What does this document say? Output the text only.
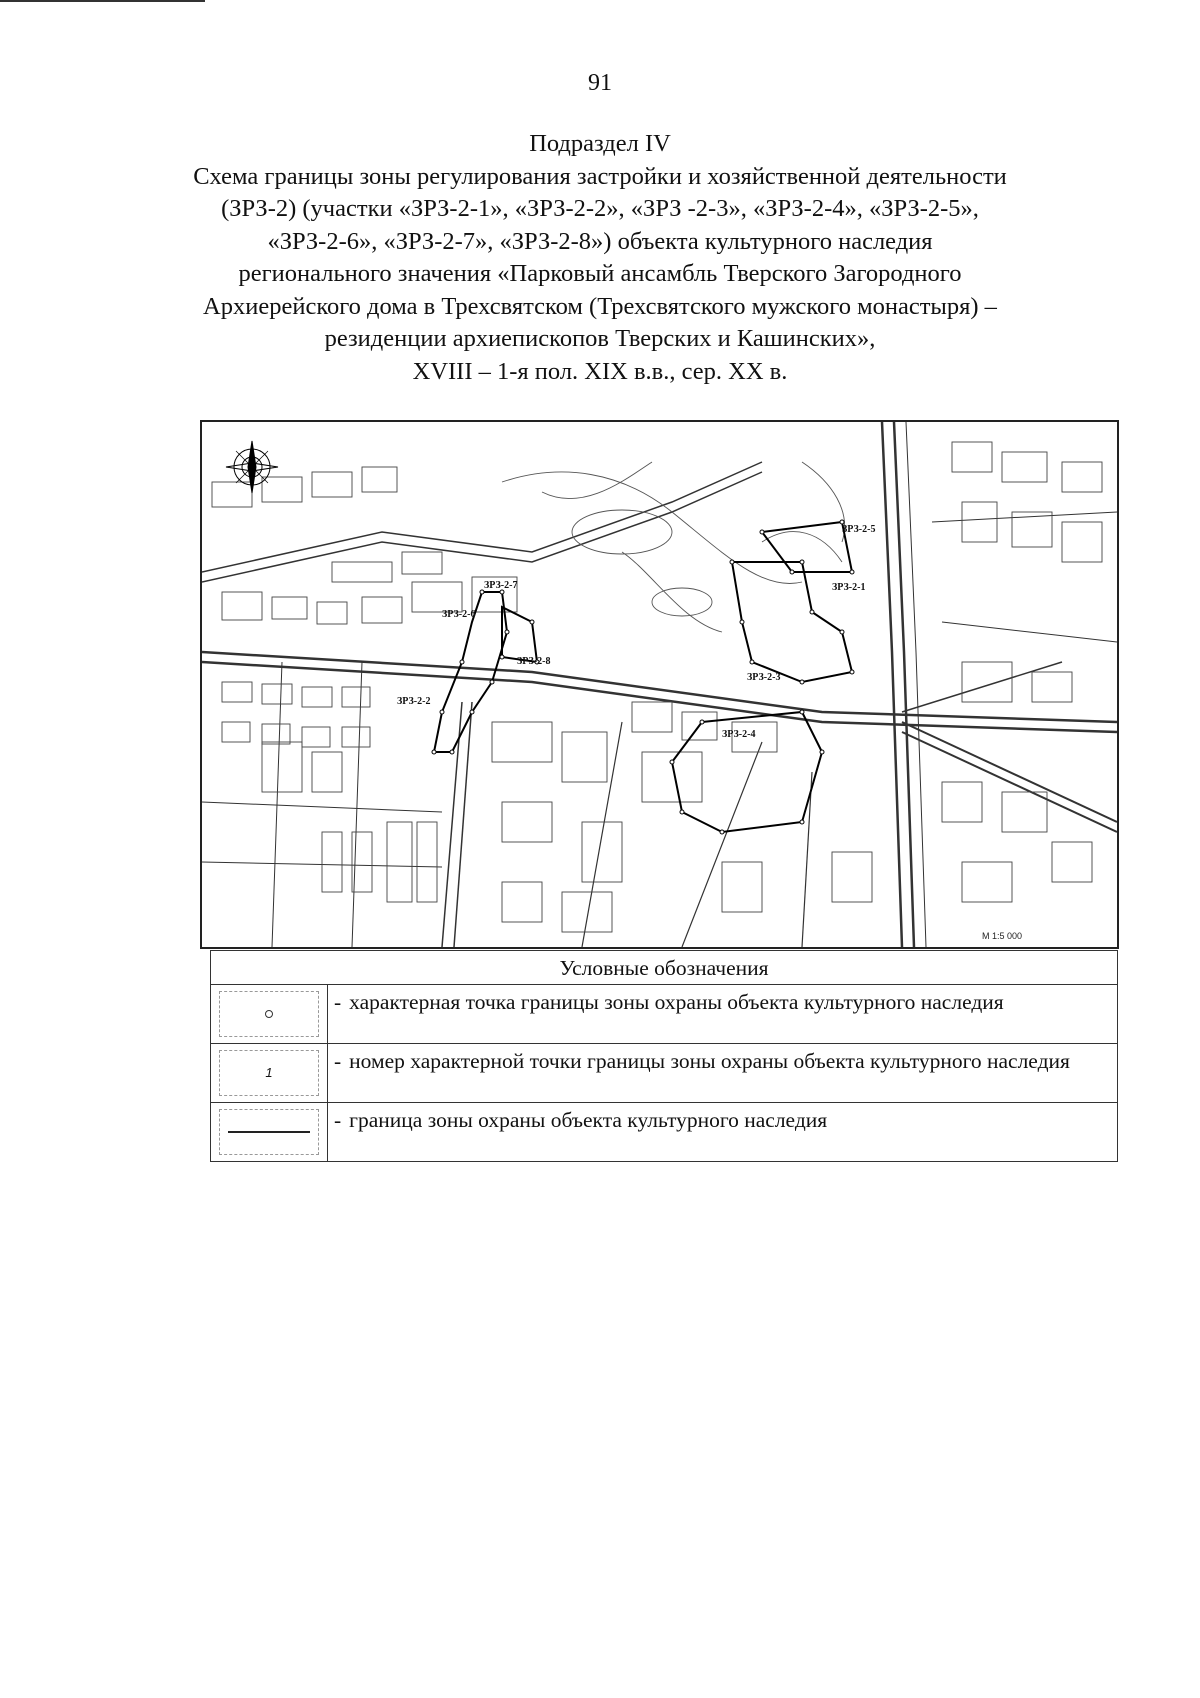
91
Подраздел IV
Схема границы зоны регулирования застройки и хозяйственной деятельности
(ЗРЗ-2) (участки «ЗРЗ-2-1», «ЗРЗ-2-2», «ЗРЗ -2-3», «ЗРЗ-2-4», «ЗРЗ-2-5»,
«ЗРЗ-2-6», «ЗРЗ-2-7», «ЗРЗ-2-8») объекта культурного наследия
регионального значения «Парковый ансамбль Тверского Загородного
Архиерейского дома в Трехсвятском (Трехсвятского мужского монастыря) –
резиденции архиепископов Тверских и Кашинских»,
XVIII – 1-я пол. XIX в.в., сер. XX в.
ЗРЗ-2-7
ЗРЗ-2-6
ЗРЗ-2-8
ЗРЗ-2-2
ЗРЗ-2-5
ЗРЗ-2-1
ЗРЗ-2-3
ЗРЗ-2-4
М 1:5 000
Условные обозначения	

	- характерная точка границы зоны охраны объекта культурного наследия

1	- номер характерной точки границы зоны охраны объекта культурного наследия

	- граница зоны охраны объекта культурного наследия
